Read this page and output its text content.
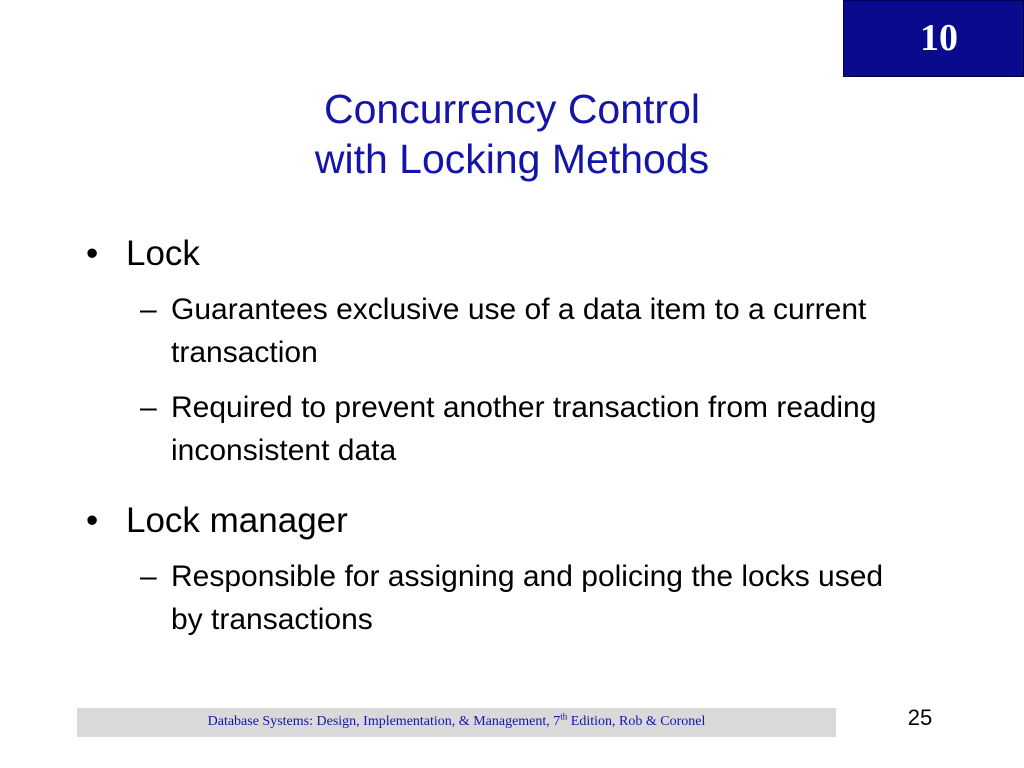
10
Concurrency Control
with Locking Methods
• Lock
– Guarantees exclusive use of a data item to a current transaction
– Required to prevent another transaction from reading inconsistent data
• Lock manager
– Responsible for assigning and policing the locks used by transactions
Database Systems: Design, Implementation, & Management, 7th Edition, Rob & Coronel	25
